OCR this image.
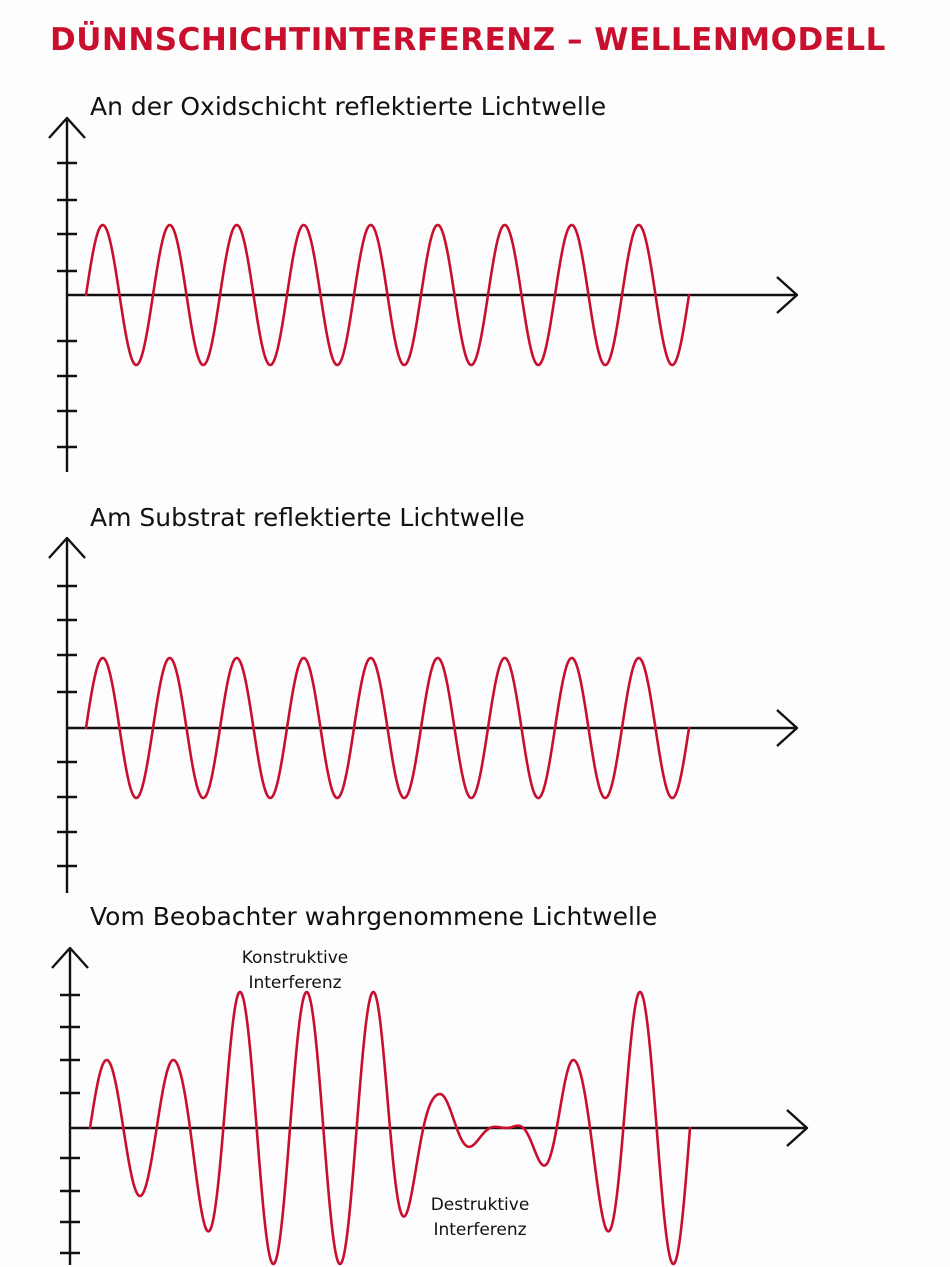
DÜNNSCHICHTINTERFERENZ – WELLENMODELL
An der Oxidschicht reflektierte Lichtwelle
Am Substrat reflektierte Lichtwelle
Vom Beobachter wahrgenommene Lichtwelle
Konstruktive
Interferenz
Destruktive
Interferenz
